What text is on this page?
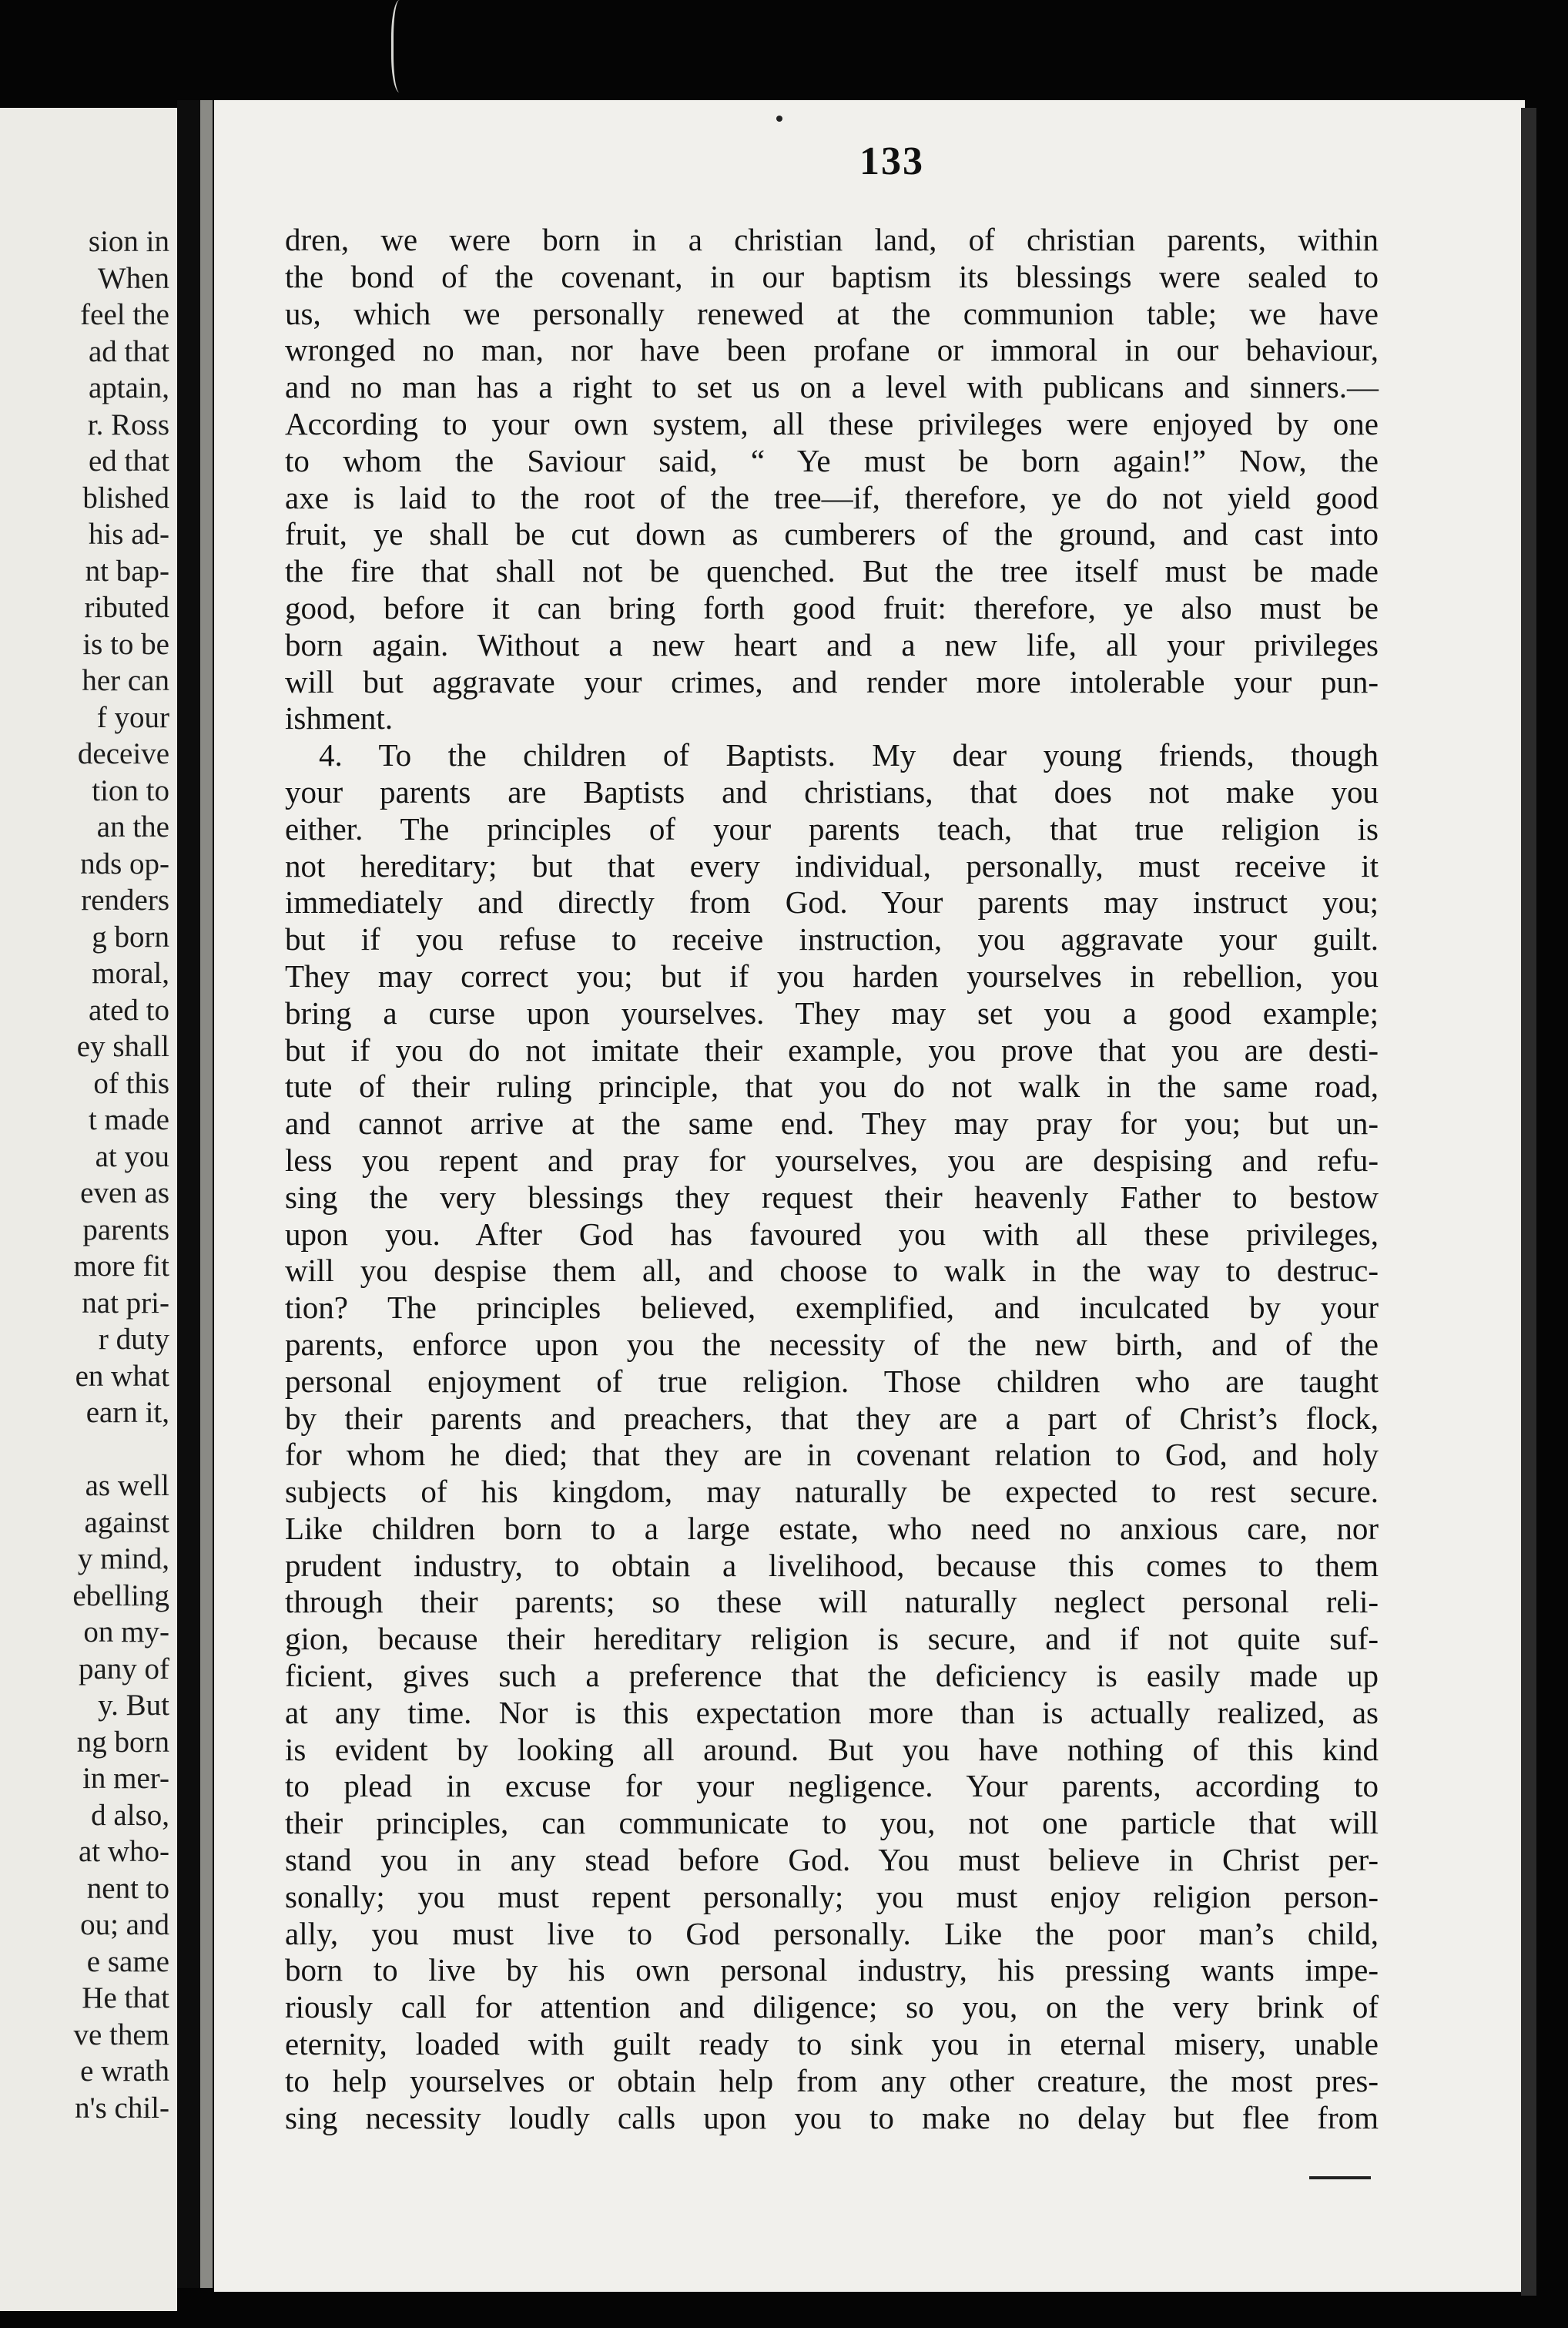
sion in
When
feel the
ad that
aptain,
r. Ross
ed that
blished
his ad-
nt bap-
ributed
is to be
her can
f your
deceive
tion to
an the
nds op-
renders
g born
moral,
ated to
ey shall
of this
t made
at you
even as
parents
more fit
nat pri-
r duty
en what
earn it,
as well
against
y mind,
ebelling
on my-
pany of
y. But
ng born
in mer-
d also,
at who-
nent to
ou; and
e same
He that
ve them
e wrath
n's chil-
133
dren, we were born in a christian land, of christian parents, within
the bond of the covenant, in our baptism its blessings were sealed to
us, which we personally renewed at the communion table; we have
wronged no man, nor have been profane or immoral in our behaviour,
and no man has a right to set us on a level with publicans and sinners.—
According to your own system, all these privileges were enjoyed by one
to whom the Saviour said, “ Ye must be born again!” Now, the
axe is laid to the root of the tree—if, therefore, ye do not yield good
fruit, ye shall be cut down as cumberers of the ground, and cast into
the fire that shall not be quenched. But the tree itself must be made
good, before it can bring forth good fruit: therefore, ye also must be
born again. Without a new heart and a new life, all your privileges
will but aggravate your crimes, and render more intolerable your pun-
ishment.
4. To the children of Baptists. My dear young friends, though
your parents are Baptists and christians, that does not make you
either. The principles of your parents teach, that true religion is
not hereditary; but that every individual, personally, must receive it
immediately and directly from God. Your parents may instruct you;
but if you refuse to receive instruction, you aggravate your guilt.
They may correct you; but if you harden yourselves in rebellion, you
bring a curse upon yourselves. They may set you a good example;
but if you do not imitate their example, you prove that you are desti-
tute of their ruling principle, that you do not walk in the same road,
and cannot arrive at the same end. They may pray for you; but un-
less you repent and pray for yourselves, you are despising and refu-
sing the very blessings they request their heavenly Father to bestow
upon you. After God has favoured you with all these privileges,
will you despise them all, and choose to walk in the way to destruc-
tion? The principles believed, exemplified, and inculcated by your
parents, enforce upon you the necessity of the new birth, and of the
personal enjoyment of true religion. Those children who are taught
by their parents and preachers, that they are a part of Christ’s flock,
for whom he died; that they are in covenant relation to God, and holy
subjects of his kingdom, may naturally be expected to rest secure.
Like children born to a large estate, who need no anxious care, nor
prudent industry, to obtain a livelihood, because this comes to them
through their parents; so these will naturally neglect personal reli-
gion, because their hereditary religion is secure, and if not quite suf-
ficient, gives such a preference that the deficiency is easily made up
at any time. Nor is this expectation more than is actually realized, as
is evident by looking all around. But you have nothing of this kind
to plead in excuse for your negligence. Your parents, according to
their principles, can communicate to you, not one particle that will
stand you in any stead before God. You must believe in Christ per-
sonally; you must repent personally; you must enjoy religion person-
ally, you must live to God personally. Like the poor man’s child,
born to live by his own personal industry, his pressing wants impe-
riously call for attention and diligence; so you, on the very brink of
eternity, loaded with guilt ready to sink you in eternal misery, unable
to help yourselves or obtain help from any other creature, the most pres-
sing necessity loudly calls upon you to make no delay but flee from
